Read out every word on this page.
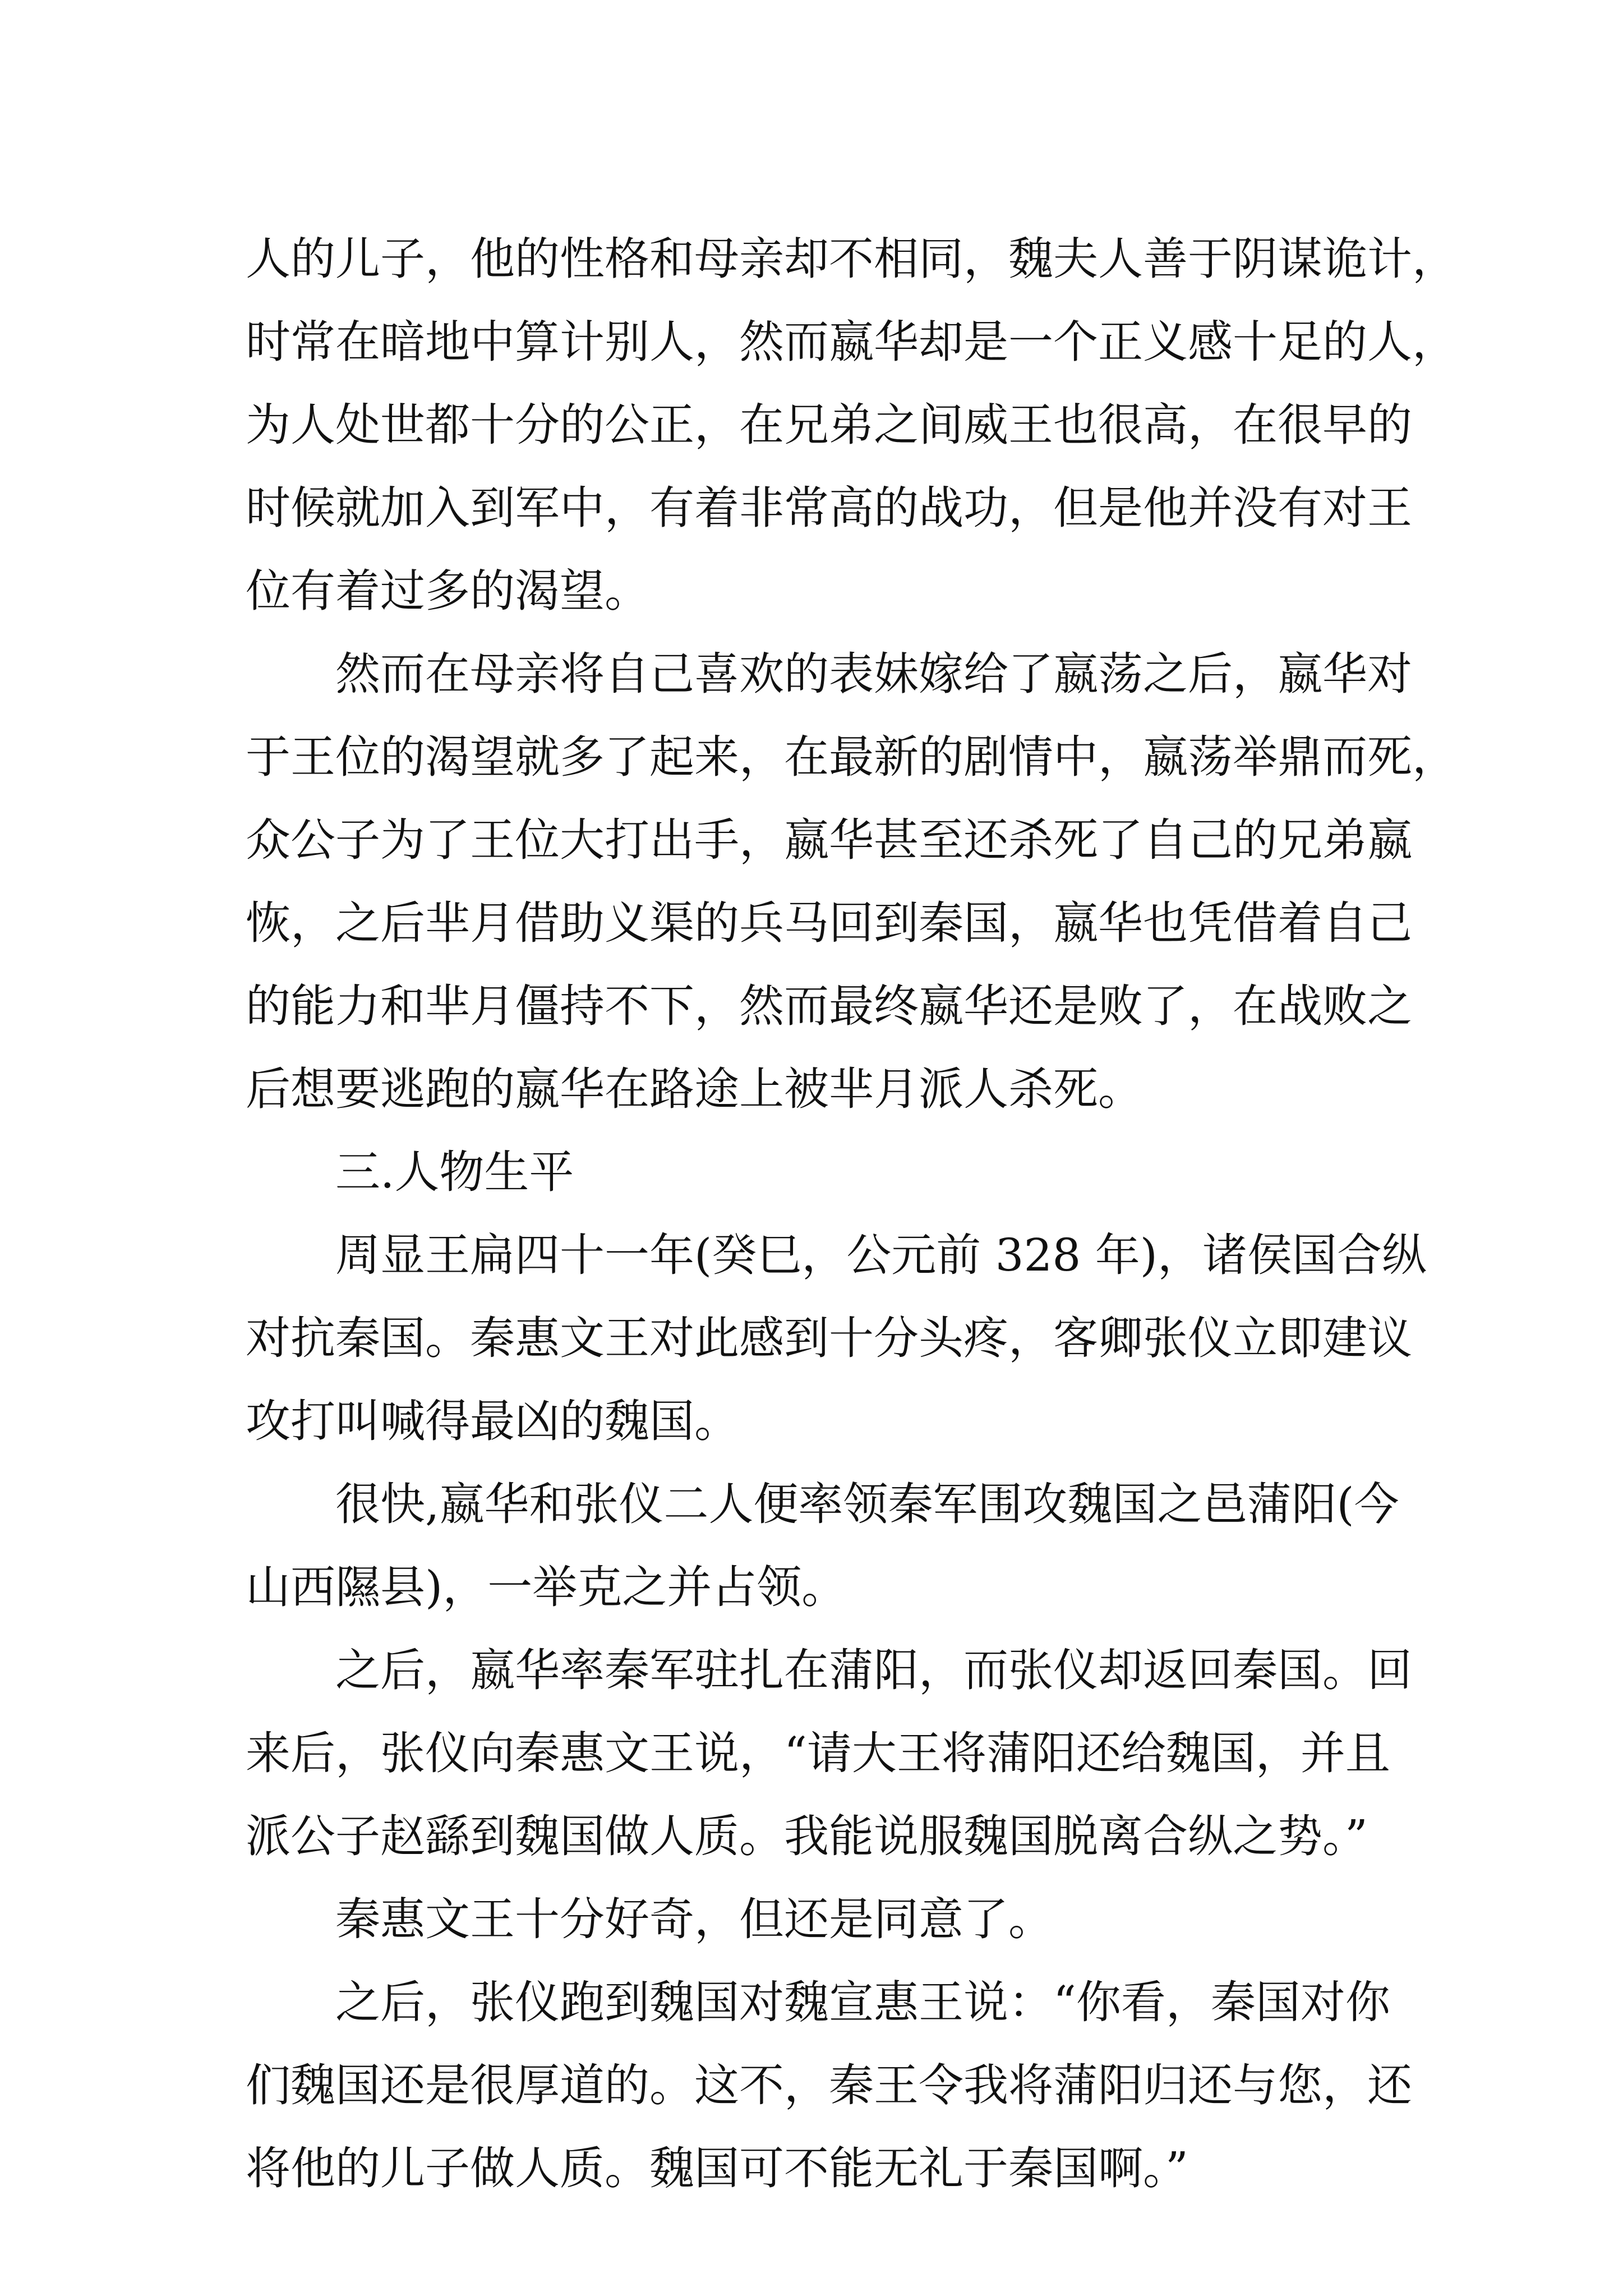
人的儿子，他的性格和母亲却不相同，魏夫人善于阴谋诡计，
时常在暗地中算计别人，然而嬴华却是一个正义感十足的人，
为人处世都十分的公正，在兄弟之间威王也很高，在很早的
时候就加入到军中，有着非常高的战功，但是他并没有对王
位有着过多的渴望。
然而在母亲将自己喜欢的表妹嫁给了嬴荡之后，嬴华对
于王位的渴望就多了起来，在最新的剧情中，嬴荡举鼎而死，
众公子为了王位大打出手，嬴华甚至还杀死了自己的兄弟嬴
恢，之后芈月借助义渠的兵马回到秦国，嬴华也凭借着自己
的能力和芈月僵持不下，然而最终嬴华还是败了，在战败之
后想要逃跑的嬴华在路途上被芈月派人杀死。
三.人物生平
周显王扁四十一年(癸巳，公元前 328 年)，诸侯国合纵
对抗秦国。秦惠文王对此感到十分头疼，客卿张仪立即建议
攻打叫喊得最凶的魏国。
很快,嬴华和张仪二人便率领秦军围攻魏国之邑蒲阳(今
山西隰县)，一举克之并占领。
之后，嬴华率秦军驻扎在蒲阳，而张仪却返回秦国。回
来后，张仪向秦惠文王说，“请大王将蒲阳还给魏国，并且
派公子赵繇到魏国做人质。我能说服魏国脱离合纵之势。”
秦惠文王十分好奇，但还是同意了。
之后，张仪跑到魏国对魏宣惠王说：“你看，秦国对你
们魏国还是很厚道的。这不，秦王令我将蒲阳归还与您，还
将他的儿子做人质。魏国可不能无礼于秦国啊。”
